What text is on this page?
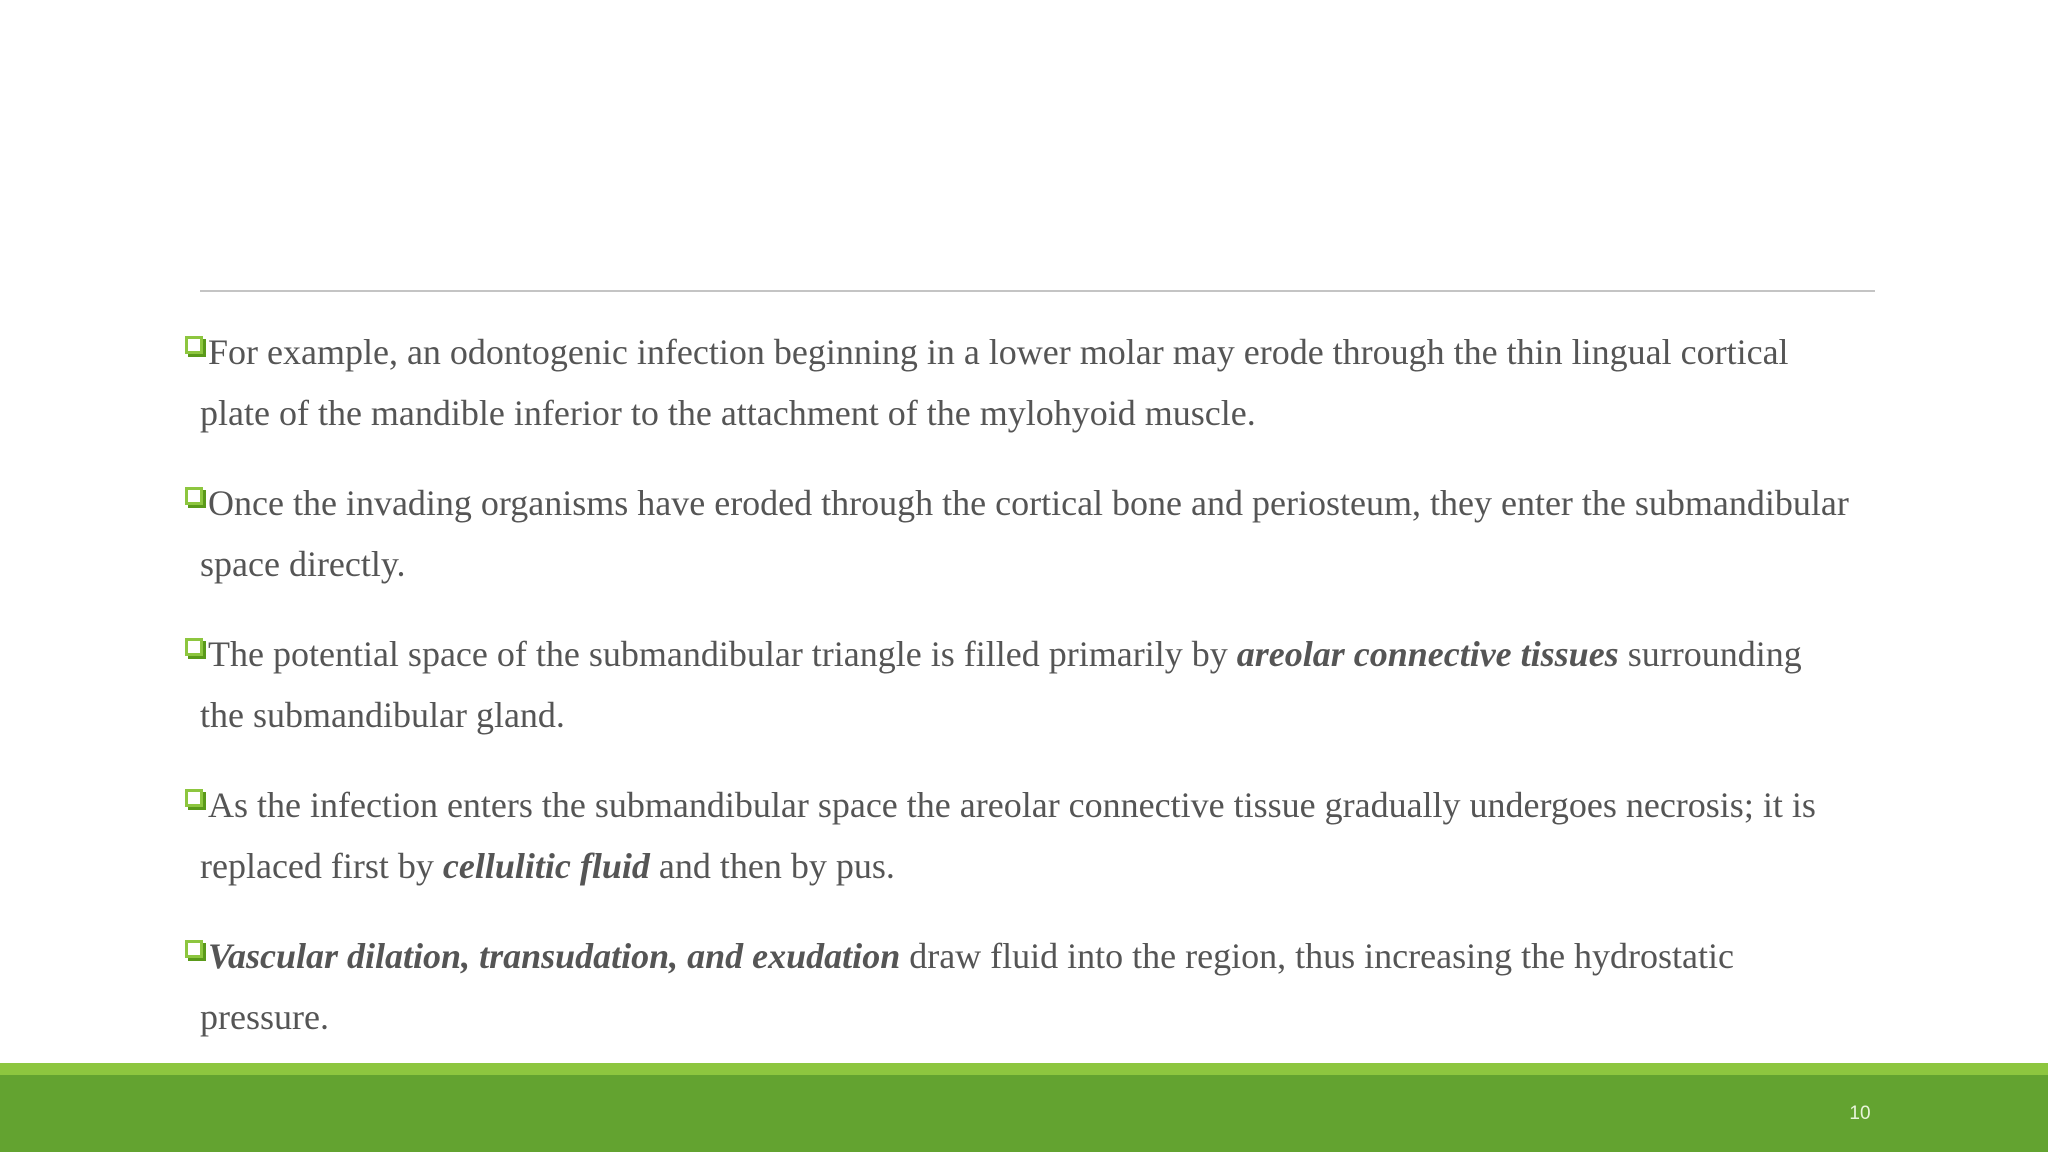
For example, an odontogenic infection beginning in a lower molar may erode through the thin lingual cortical
plate of the mandible inferior to the attachment of the mylohyoid muscle.
Once the invading organisms have eroded through the cortical bone and periosteum, they enter the submandibular
space directly.
The potential space of the submandibular triangle is filled primarily by areolar connective tissues surrounding
the submandibular gland.
As the infection enters the submandibular space the areolar connective tissue gradually undergoes necrosis; it is
replaced first by cellulitic fluid and then by pus.
Vascular dilation, transudation, and exudation draw fluid into the region, thus increasing the hydrostatic
pressure.
10
